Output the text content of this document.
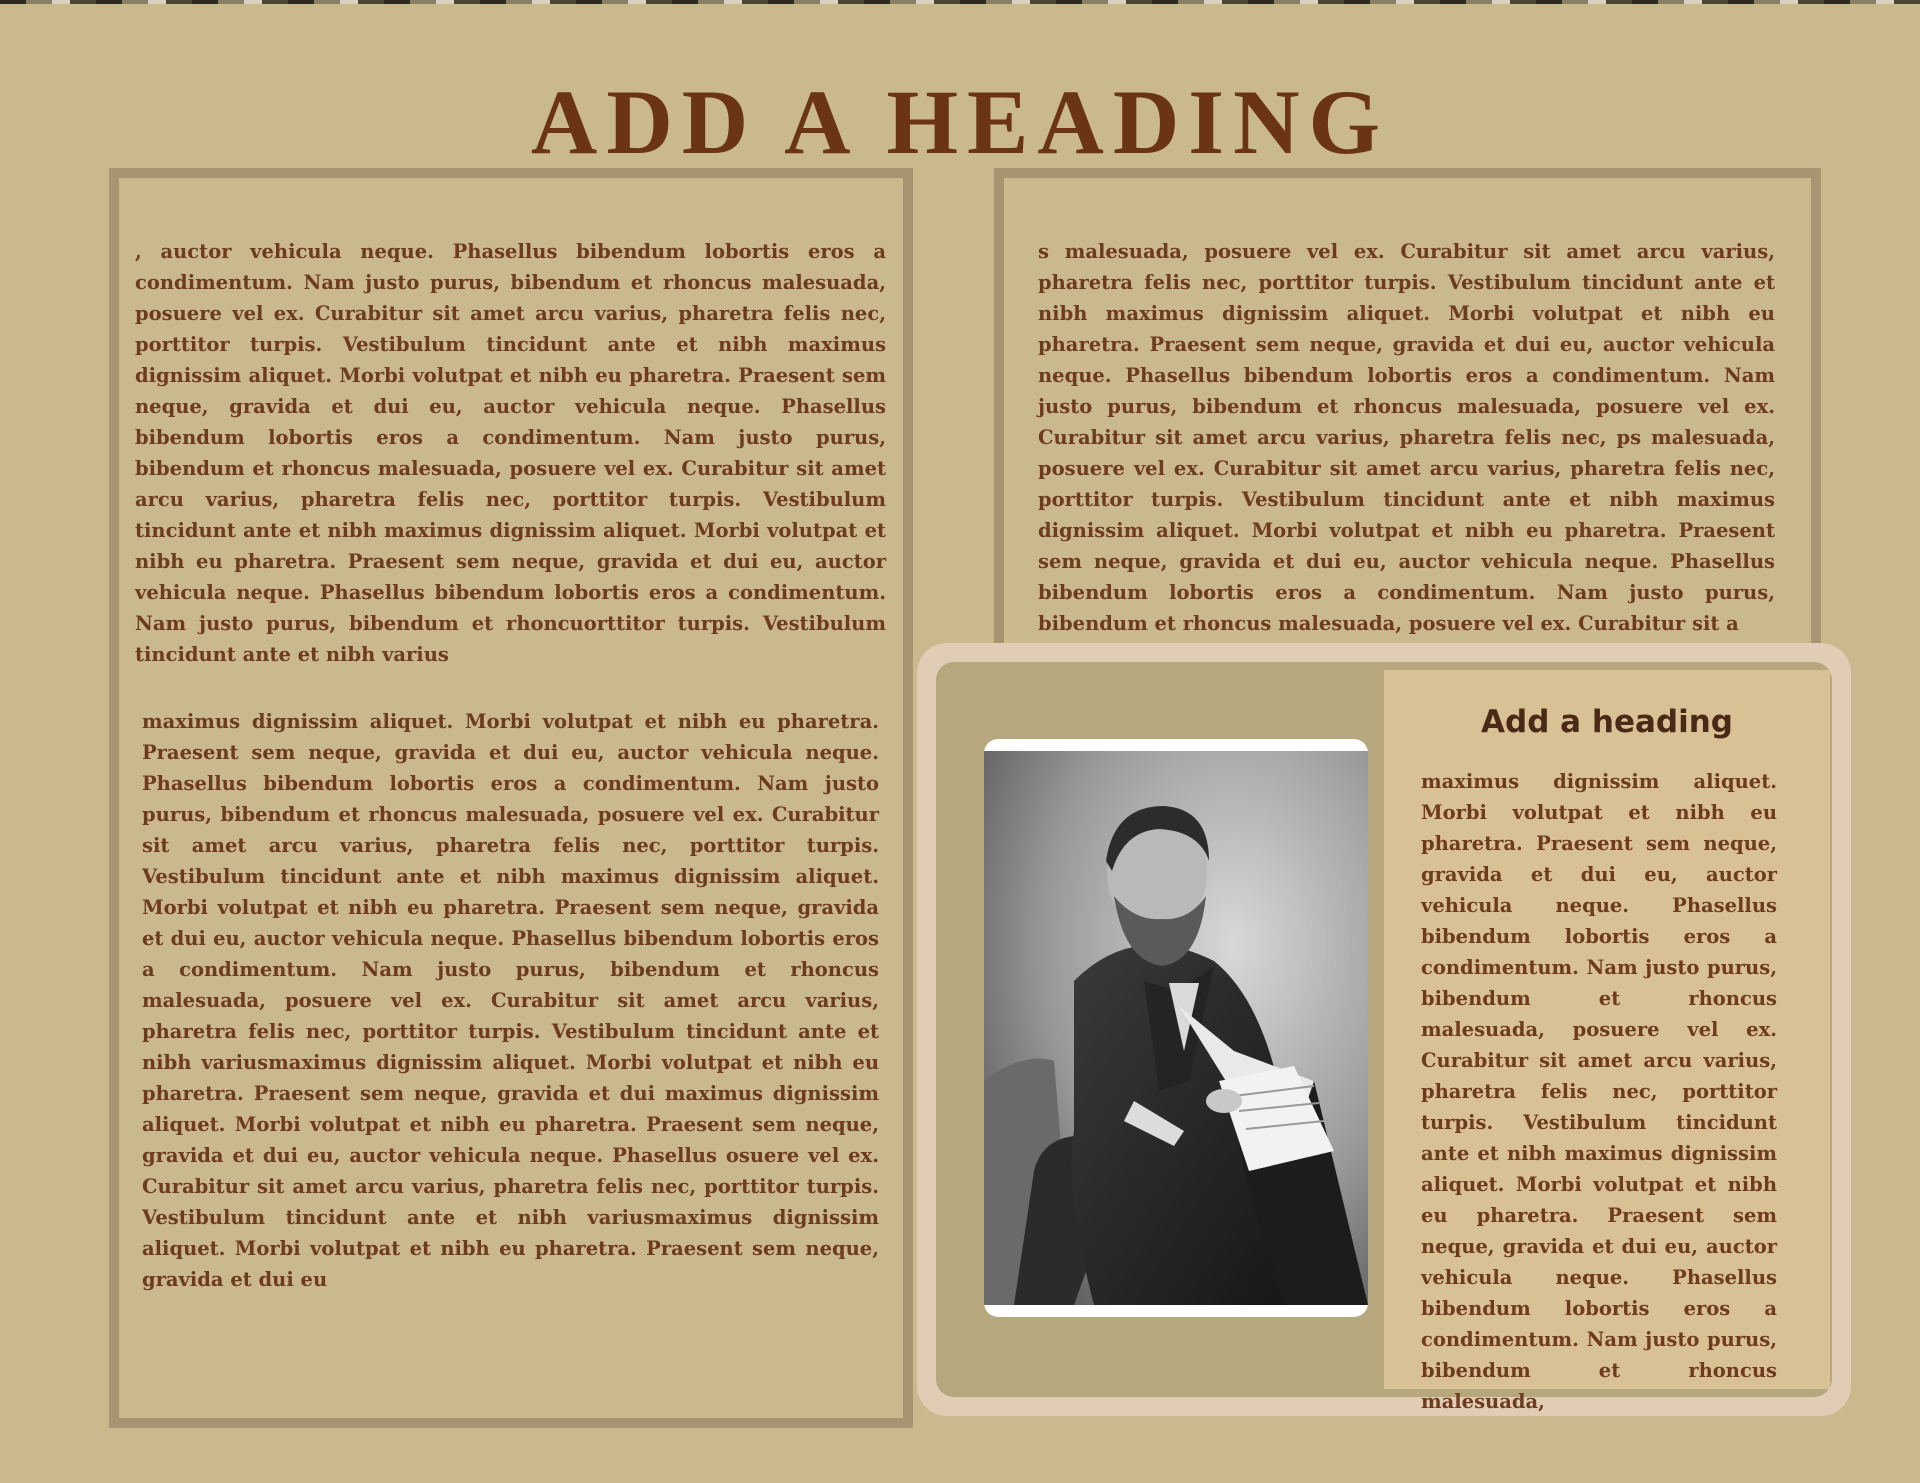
ADD A HEADING

, auctor vehicula neque. Phasellus bibendum lobortis eros a condimentum. Nam justo purus, bibendum et rhoncus malesuada, posuere vel ex. Curabitur sit amet arcu varius, pharetra felis nec, porttitor turpis. Vestibulum tincidunt ante et nibh maximus dignissim aliquet. Morbi volutpat et nibh eu pharetra. Praesent sem neque, gravida et dui eu, auctor vehicula neque. Phasellus bibendum lobortis eros a condimentum. Nam justo purus, bibendum et rhoncus malesuada, posuere vel ex. Curabitur sit amet arcu varius, pharetra felis nec, porttitor turpis. Vestibulum tincidunt ante et nibh maximus dignissim aliquet. Morbi volutpat et nibh eu pharetra. Praesent sem neque, gravida et dui eu, auctor vehicula neque. Phasellus bibendum lobortis eros a condimentum. Nam justo purus, bibendum et rhoncuorttitor turpis. Vestibulum tincidunt ante et nibh varius

maximus dignissim aliquet. Morbi volutpat et nibh eu pharetra. Praesent sem neque, gravida et dui eu, auctor vehicula neque. Phasellus bibendum lobortis eros a condimentum. Nam justo purus, bibendum et rhoncus malesuada, posuere vel ex. Curabitur sit amet arcu varius, pharetra felis nec, porttitor turpis. Vestibulum tincidunt ante et nibh maximus dignissim aliquet. Morbi volutpat et nibh eu pharetra. Praesent sem neque, gravida et dui eu, auctor vehicula neque. Phasellus bibendum lobortis eros a condimentum. Nam justo purus, bibendum et rhoncus malesuada, posuere vel ex. Curabitur sit amet arcu varius, pharetra felis nec, porttitor turpis. Vestibulum tincidunt ante et nibh variusmaximus dignissim aliquet. Morbi volutpat et nibh eu pharetra. Praesent sem neque, gravida et dui maximus dignissim aliquet. Morbi volutpat et nibh eu pharetra. Praesent sem neque, gravida et dui eu, auctor vehicula neque. Phasellus osuere vel ex. Curabitur sit amet arcu varius, pharetra felis nec, porttitor turpis. Vestibulum tincidunt ante et nibh variusmaximus dignissim aliquet. Morbi volutpat et nibh eu pharetra. Praesent sem neque, gravida et dui eu

s malesuada, posuere vel ex. Curabitur sit amet arcu varius, pharetra felis nec, porttitor turpis. Vestibulum tincidunt ante et nibh maximus dignissim aliquet. Morbi volutpat et nibh eu pharetra. Praesent sem neque, gravida et dui eu, auctor vehicula neque. Phasellus bibendum lobortis eros a condimentum. Nam justo purus, bibendum et rhoncus malesuada, posuere vel ex. Curabitur sit amet arcu varius, pharetra felis nec, ps malesuada, posuere vel ex. Curabitur sit amet arcu varius, pharetra felis nec, porttitor turpis. Vestibulum tincidunt ante et nibh maximus dignissim aliquet. Morbi volutpat et nibh eu pharetra. Praesent sem neque, gravida et dui eu, auctor vehicula neque. Phasellus bibendum lobortis eros a condimentum. Nam justo purus, bibendum et rhoncus malesuada, posuere vel ex. Curabitur sit a

Add a heading

maximus dignissim aliquet. Morbi volutpat et nibh eu pharetra. Praesent sem neque, gravida et dui eu, auctor vehicula neque. Phasellus bibendum lobortis eros a condimentum. Nam justo purus, bibendum et rhoncus malesuada, posuere vel ex. Curabitur sit amet arcu varius, pharetra felis nec, porttitor turpis. Vestibulum tincidunt ante et nibh maximus dignissim aliquet. Morbi volutpat et nibh eu pharetra. Praesent sem neque, gravida et dui eu, auctor vehicula neque. Phasellus bibendum lobortis eros a condimentum. Nam justo purus, bibendum et rhoncus malesuada,
